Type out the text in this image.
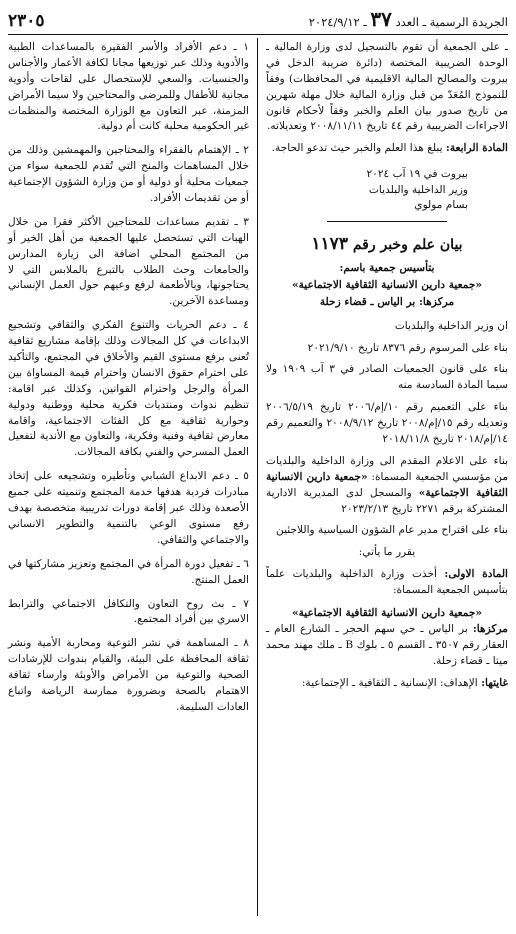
الجريدة الرسمية ـ العدد ٣٧ ـ ٢٠٢٤/٩/١٢
٢٣٠٥

ـ على الجمعية أن تقوم بالتسجيل لدى وزارة المالية ـ الوحدة الضريبية المختصة (دائرة ضريبة الدخل في بيروت والمصالح المالية الاقليمية في المحافظات) وفقاً للنموذج المُعَدّ من قبل وزارة المالية خلال مهلة شهرين من تاريخ صدور بيان العلم والخبر وفقاً لأحكام قانون الاجراءات الضريبية رقم ٤٤ تاريخ ٢٠٠٨/١١/١١ وتعديلاته.

المادة الرابعة: يبلغ هذا العلم والخبر حيث تدعو الحاجة.

بيروت في ١٩ آب ٢٠٢٤
وزير الداخلية والبلديات
بسام مولوي
بيان علم وخبر رقم ١١٧٣

بتأسيس جمعية باسم:

«جمعية دارين الانسانية الثقافية الاجتماعية»

مركزها: بر الياس ـ قضاء زحلة

ان وزير الداخلية والبلديات

بناء على المرسوم رقم ٨٣٧٦ تاريخ ٢٠٢١/٩/١٠

بناء على قانون الجمعيات الصادر في ٣ آب ١٩٠٩ ولا سيما المادة السادسة منه

بناء على التعميم رقم ١٠/إم/٢٠٠٦ تاريخ ٢٠٠٦/٥/١٩ وتعديله رقم ١٥/إم/٢٠٠٨ تاريخ ٢٠٠٨/٩/١٢ والتعميم رقم ١٤/إم/٢٠١٨ تاريخ ٢٠١٨/١١/٨

بناء على الاعلام المقدم الى وزارة الداخلية والبلديات من مؤسسي الجمعية المسماة: «جمعية دارين الانسانية الثقافية الاجتماعية» والمسجل لدى المديرية الادارية المشتركة برقم ٢٢٧١ تاريخ ٢٠٢٣/٢/١٣

بناء على اقتراح مدير عام الشؤون السياسية واللاجئين

يقرر ما يأتي:

المادة الاولى: أخذت وزارة الداخلية والبلديات علماً بتأسيس الجمعية المسماة:

«جمعية دارين الانسانية الثقافية الاجتماعية»

مركزها: بر الياس ـ حي سهم الحجر ـ الشارع العام ـ العقار رقم ٣٥٠٧ ـ القسم ٥ ـ بلوك B ـ ملك مهند محمد ميتا ـ قضاء زحلة.

غايتها: الإهداف: الإنسانية ـ الثقافية ـ الإجتماعية:

١ ـ دعم الأفراد والأسر الفقيرة بالمساعدات الطبية والأدوية وذلك عبر توزيعها مجانا لكافة الأعمار والأجناس والجنسيات. والسعي للإستحصال على لقاحات وأدوية مجانية للأطفال وللمرضى والمحتاجين ولا سيما الأمراض المزمنة، عبر التعاون مع الوزارة المختصة والمنظمات غير الحكومية محلية كانت أم دولية.

٢ ـ الإهتمام بالفقراء والمحتاجين والمهمشين وذلك من خلال المساهمات والمنح التي تُقدم للجمعية سواء من جمعيات محلية أو دولية أو من وزارة الشؤون الإجتماعية أو من تقديمات الأفراد.

٣ ـ تقديم مساعدات للمحتاجين الأكثر فقرا من خلال الهبات التي تستحصل عليها الجمعية من أهل الخير أو من المجتمع المحلي اضافة الى زيارة المدارس والجامعات وحث الطلاب بالتبرع بالملابس التي لا يحتاجونها، وبالأطعمة لرفع وعيهم حول العمل الإنساني ومساعدة الآخرين.

٤ ـ دعم الحريات والتنوع الفكري والثقافي وتشجيع الابداعات في كل المجالات وذلك بإقامة مشاريع ثقافية تُعنى برفع مستوى القيم والأخلاق في المجتمع، والتأكيد على احترام حقوق الانسان واحترام قيمة المساواة بين المرأة والرجل واحترام القوانين، وكذلك عبر اقامة: تنظيم ندوات ومنتديات فكرية محلية ووطنية ودولية وحوارية ثقافية مع كل الفئات الاجتماعية، واقامة معارض ثقافية وفنية وفكرية، والتعاون مع الأندية لتفعيل العمل المسرحي والفني بكافة المجالات.

٥ ـ دعم الابداع الشبابي وتأطيره وتشجيعه على إتخاذ مبادرات فردية هدفها خدمة المجتمع وتنميته على جميع الأصعدة وذلك عبر إقامة دورات تدريبية متخصصة بهدف رفع مستوى الوعي بالتنمية والتطوير الانساني والاجتماعي والثقافي.

٦ ـ تفعيل دورة المرأة في المجتمع وتعزيز مشاركتها في العمل المنتج.

٧ ـ بث روح التعاون والتكافل الاجتماعي والترابط الاسري بين أفراد المجتمع.

٨ ـ المساهمة في نشر التوعية ومحاربة الأمية ونشر ثقافة المحافظة على البيئة، والقيام بندوات للإرشادات الصحية والتوعية من الأمراض والأوبئة وارساء ثقافة الاهتمام بالصحة وبضرورة ممارسة الرياضة واتباع العادات السليمة.
